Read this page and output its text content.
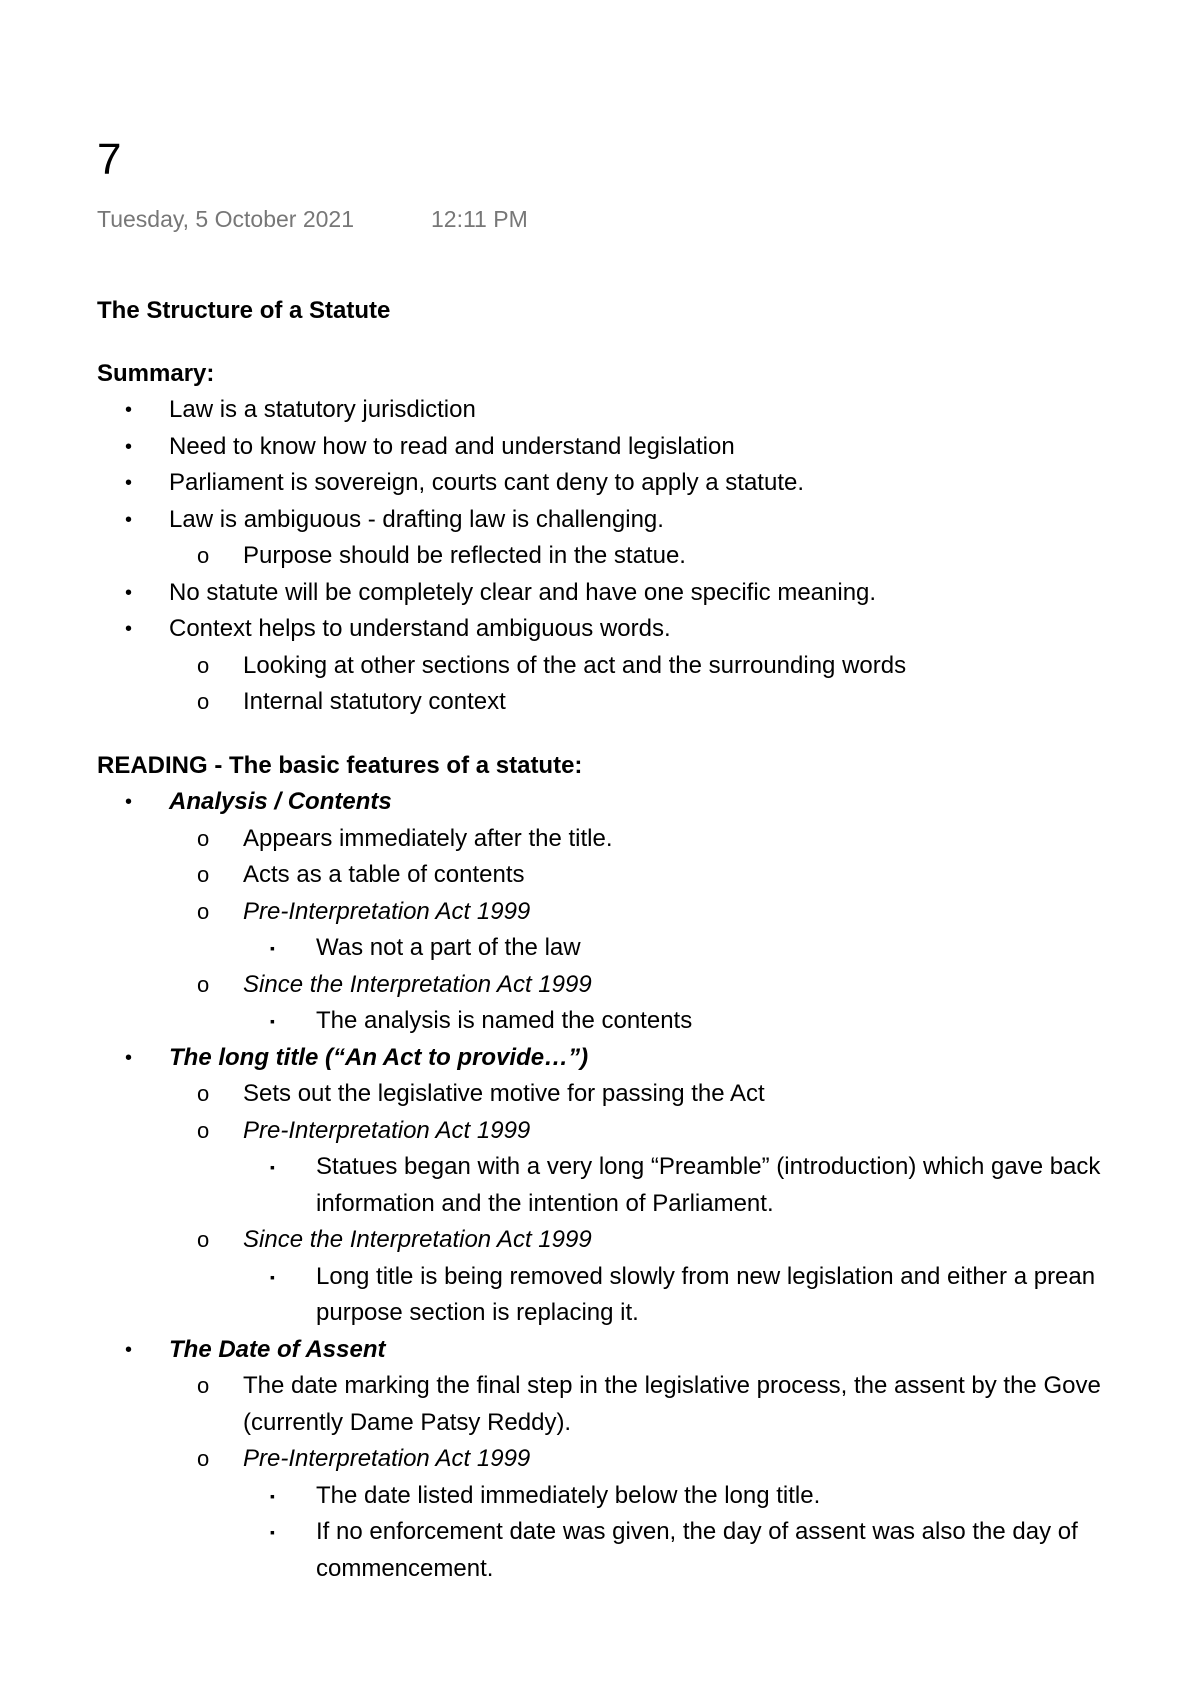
7
Tuesday, 5 October 2021	12:11 PM
The Structure of a Statute
Summary:
• Law is a statutory jurisdiction
• Need to know how to read and understand legislation
• Parliament is sovereign, courts cant deny to apply a statute.
• Law is ambiguous - drafting law is challenging.
o Purpose should be reflected in the statue.
• No statute will be completely clear and have one specific meaning.
• Context helps to understand ambiguous words.
o Looking at other sections of the act and the surrounding words
o Internal statutory context
READING - The basic features of a statute:
• Analysis / Contents
o Appears immediately after the title.
o Acts as a table of contents
o Pre-Interpretation Act 1999
▪ Was not a part of the law
o Since the Interpretation Act 1999
▪ The analysis is named the contents
• The long title (“An Act to provide…”)
o Sets out the legislative motive for passing the Act
o Pre-Interpretation Act 1999
▪ Statues began with a very long “Preamble” (introduction) which gave back
information and the intention of Parliament.
o Since the Interpretation Act 1999
▪ Long title is being removed slowly from new legislation and either a prean
purpose section is replacing it.
• The Date of Assent
o The date marking the final step in the legislative process, the assent by the Gove
(currently Dame Patsy Reddy).
o Pre-Interpretation Act 1999
▪ The date listed immediately below the long title.
▪ If no enforcement date was given, the day of assent was also the day of
commencement.
